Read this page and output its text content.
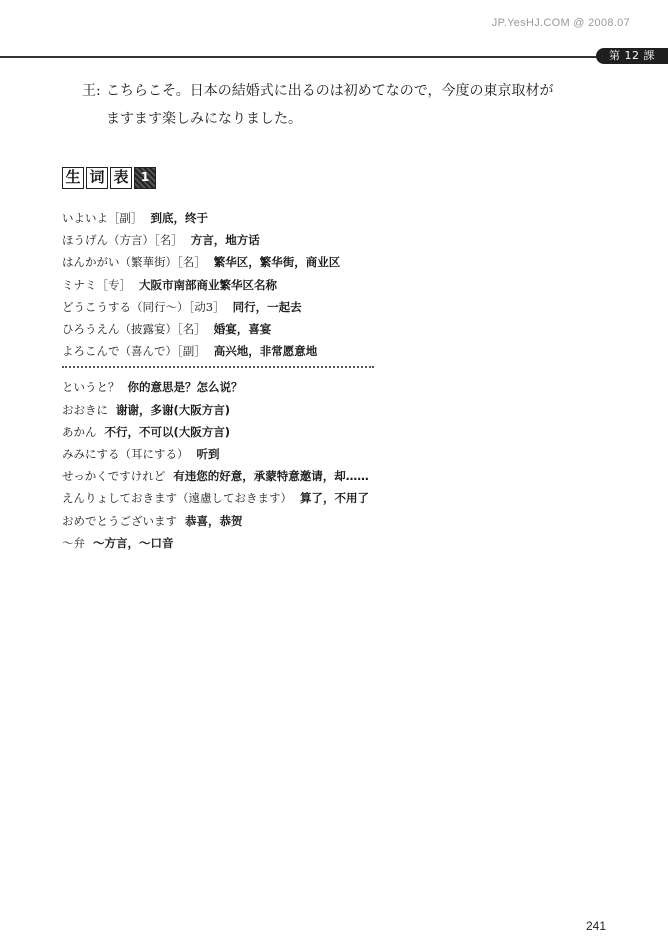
JP.YesHJ.COM @ 2008.07
第 12 課
王: こちらこそ。日本の結婚式に出るのは初めてなので，今度の東京取材が
ますます楽しみになりました。
生 词 表	1
いよいよ［副］ 到底，终于
ほうげん（方言）［名］ 方言，地方话
はんかがい（繁華街）［名］ 繁华区，繁华街，商业区
ミナミ［专］ 大阪市南部商业繁华区名称
どうこうする（同行～）［动3］ 同行，一起去
ひろうえん（披露宴）［名］ 婚宴，喜宴
よろこんで（喜んで）［副］ 高兴地，非常愿意地
というと？ 你的意思是？怎么说？
おおきに 谢谢，多谢(大阪方言)
あかん 不行，不可以(大阪方言)
みみにする（耳にする） 听到
せっかくですけれど 有违您的好意，承蒙特意邀请，却……
えんりょしておきます（遠慮しておきます） 算了，不用了
おめでとうございます 恭喜，恭贺
～弁 ～方言，～口音
241
